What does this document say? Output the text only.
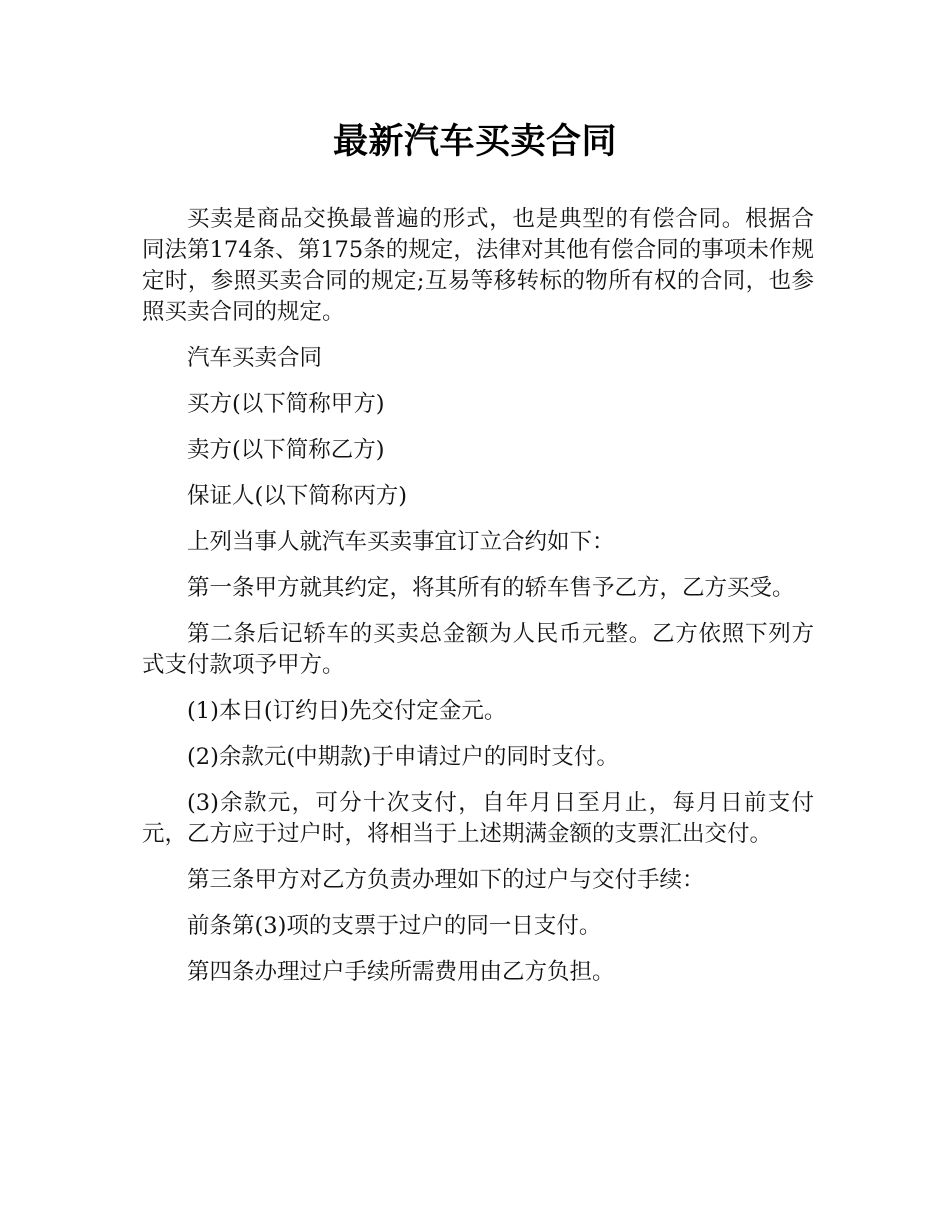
最新汽车买卖合同

买卖是商品交换最普遍的形式，也是典型的有偿合同。根据合同法第174条、第175条的规定，法律对其他有偿合同的事项未作规定时，参照买卖合同的规定;互易等移转标的物所有权的合同，也参照买卖合同的规定。

汽车买卖合同

买方(以下简称甲方)

卖方(以下简称乙方)

保证人(以下简称丙方)

上列当事人就汽车买卖事宜订立合约如下：

第一条甲方就其约定，将其所有的轿车售予乙方，乙方买受。

第二条后记轿车的买卖总金额为人民币元整。乙方依照下列方式支付款项予甲方。

(1)本日(订约日)先交付定金元。

(2)余款元(中期款)于申请过户的同时支付。

(3)余款元，可分十次支付，自年月日至月止，每月日前支付元，乙方应于过户时，将相当于上述期满金额的支票汇出交付。

第三条甲方对乙方负责办理如下的过户与交付手续：

前条第(3)项的支票于过户的同一日支付。

第四条办理过户手续所需费用由乙方负担。
